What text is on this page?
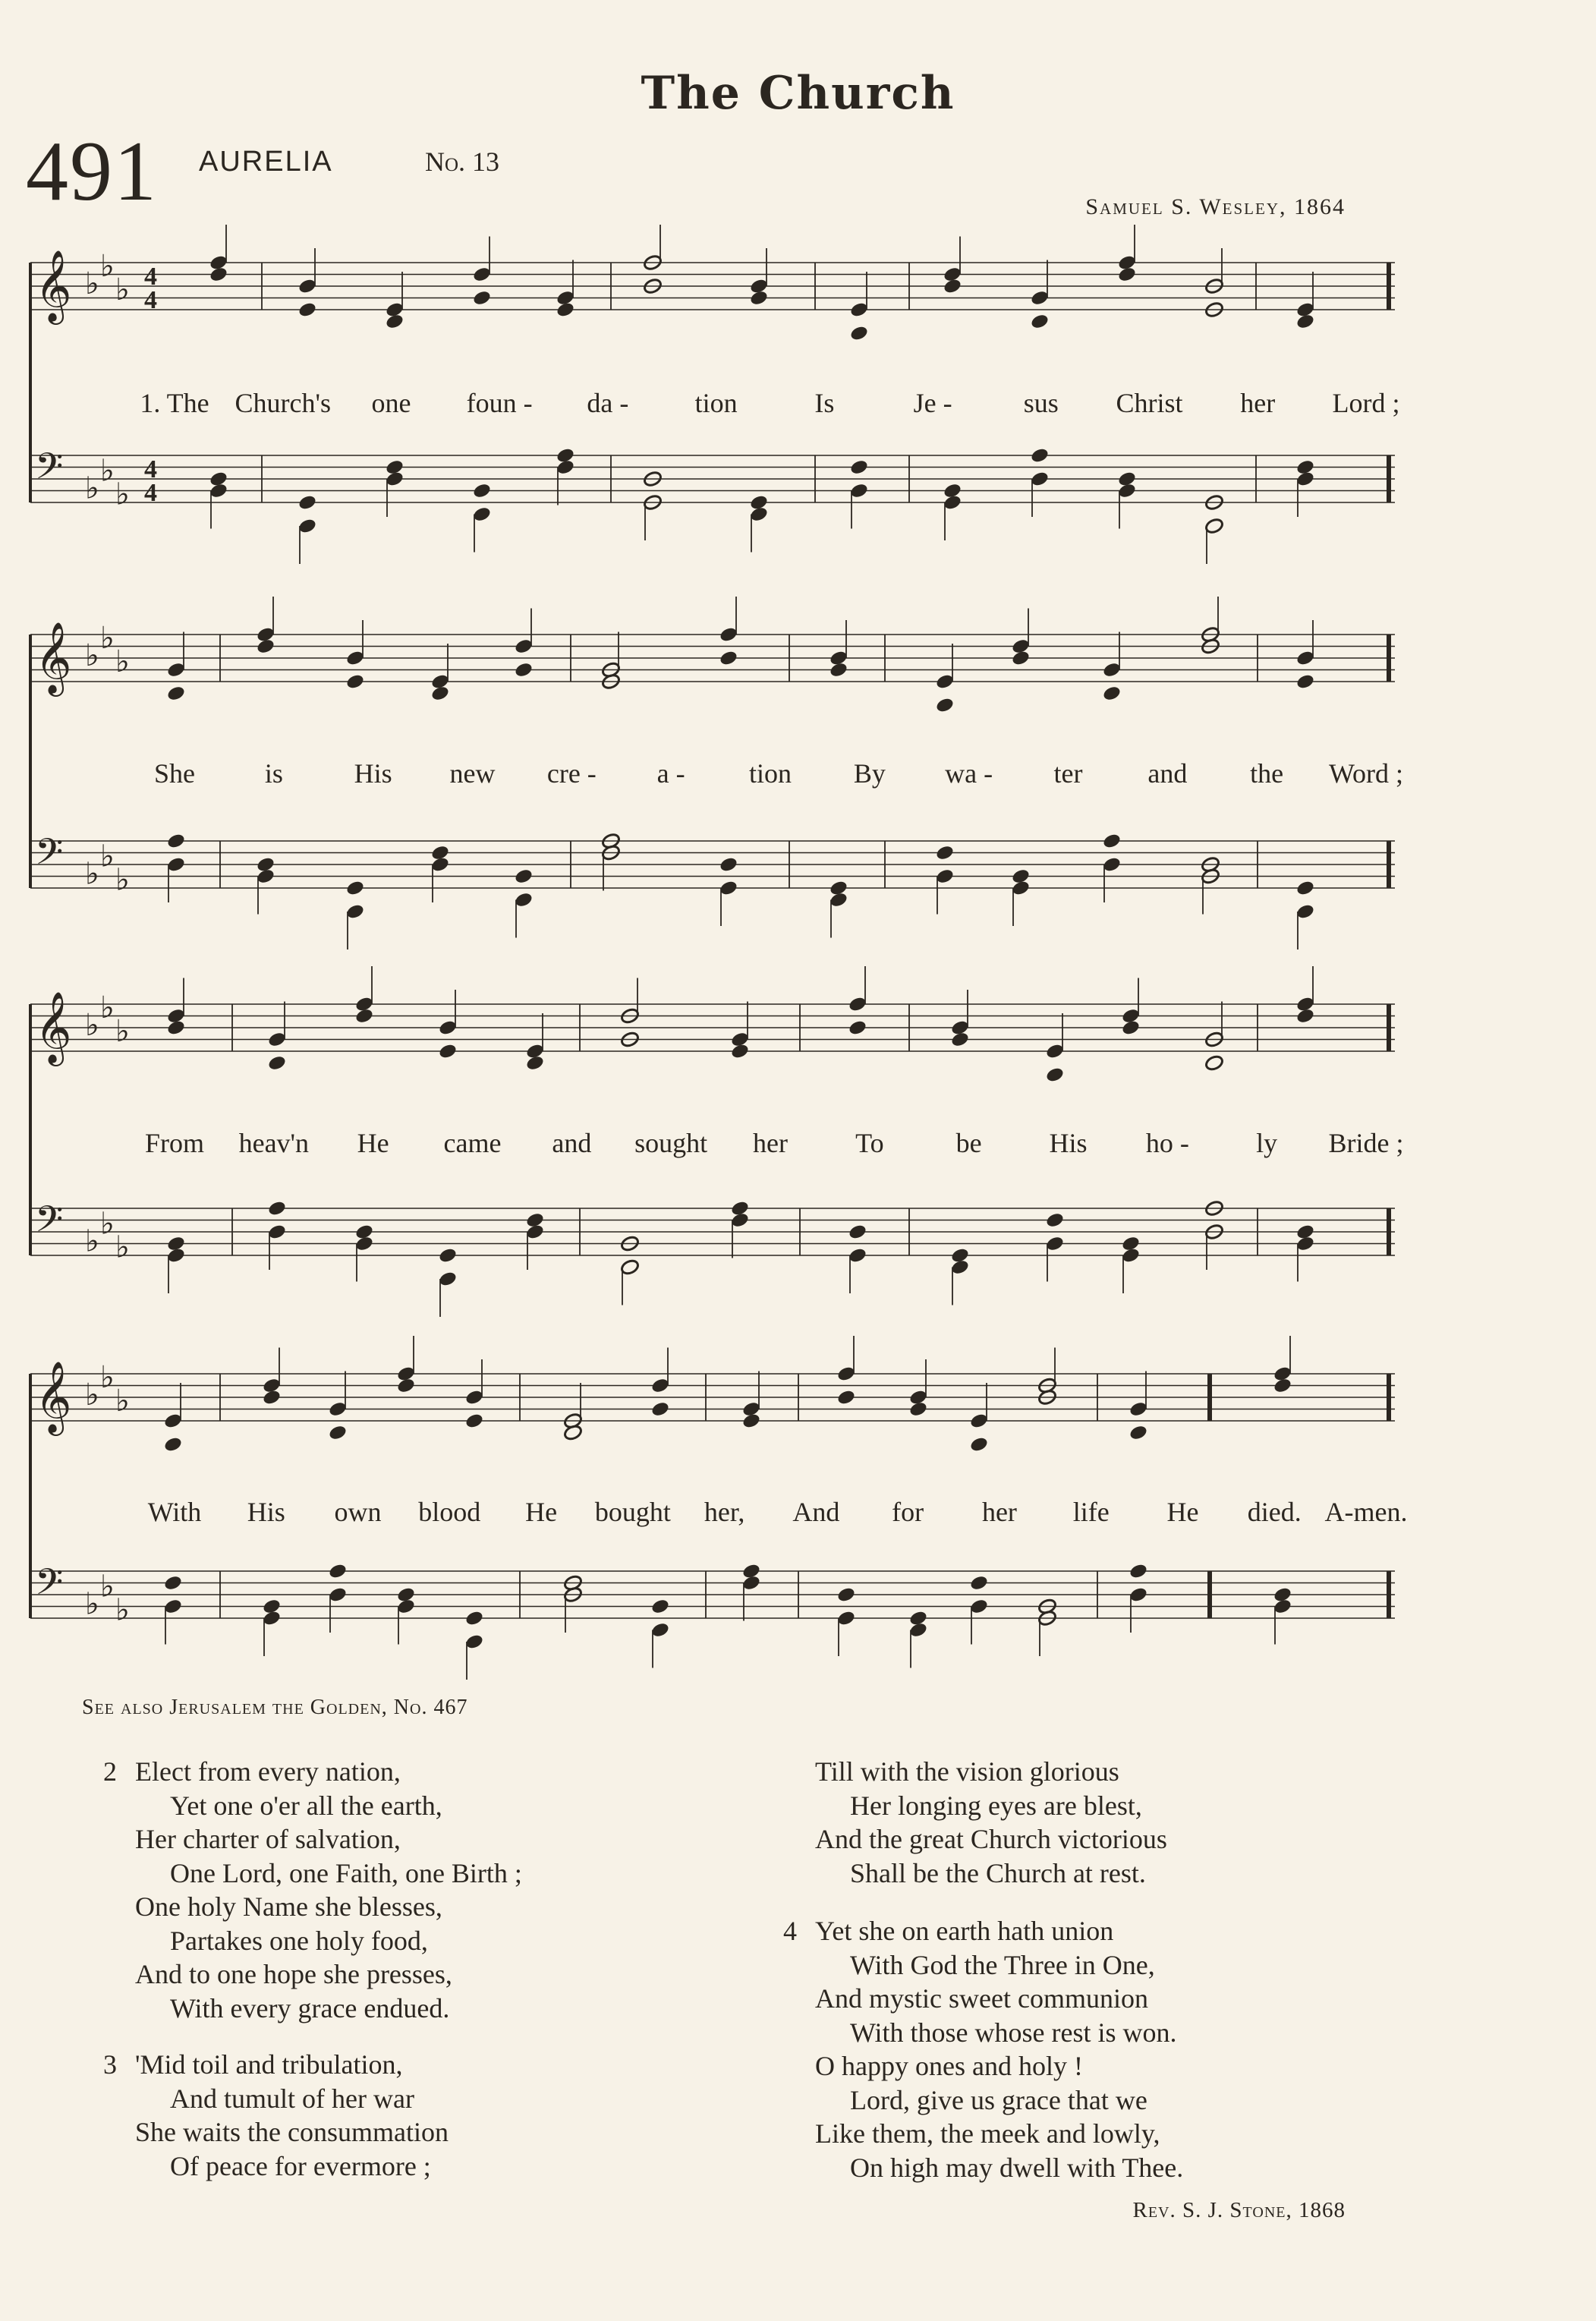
The Church
491 AURELIA	No. 13
Samuel S. Wesley, 1864
𝄞 ♭
♭
♭ 4
4
𝄢 ♭
♭
♭
4
4
𝄞 ♭
♭
♭
𝄢 ♭
♭
♭
𝄞 ♭
♭
♭
𝄢 ♭
♭
♭
𝄞 ♭
♭
♭
𝄢 ♭
♭
♭
1. The Church's one foun - da - tion	Is	Je -	sus Christ her Lord ;
She	is	His new cre - a - tion By wa - ter and the Word ;
From heav'n He came and sought her To	be His ho - ly Bride ;
With His own blood He bought her, And for her life He died. A-men.
See also Jerusalem the Golden, No. 467
2 Elect from every nation,
Yet one o'er all the earth,
Her charter of salvation,
One Lord, one Faith, one Birth ;
One holy Name she blesses,
Partakes one holy food,
And to one hope she presses,
With every grace endued.
3 'Mid toil and tribulation,
And tumult of her war
She waits the consummation
Of peace for evermore ;
Till with the vision glorious
Her longing eyes are blest,
And the great Church victorious
Shall be the Church at rest.
4 Yet she on earth hath union
With God the Three in One,
And mystic sweet communion
With those whose rest is won.
O happy ones and holy !
Lord, give us grace that we
Like them, the meek and lowly,
On high may dwell with Thee.
Rev. S. J. Stone, 1868
